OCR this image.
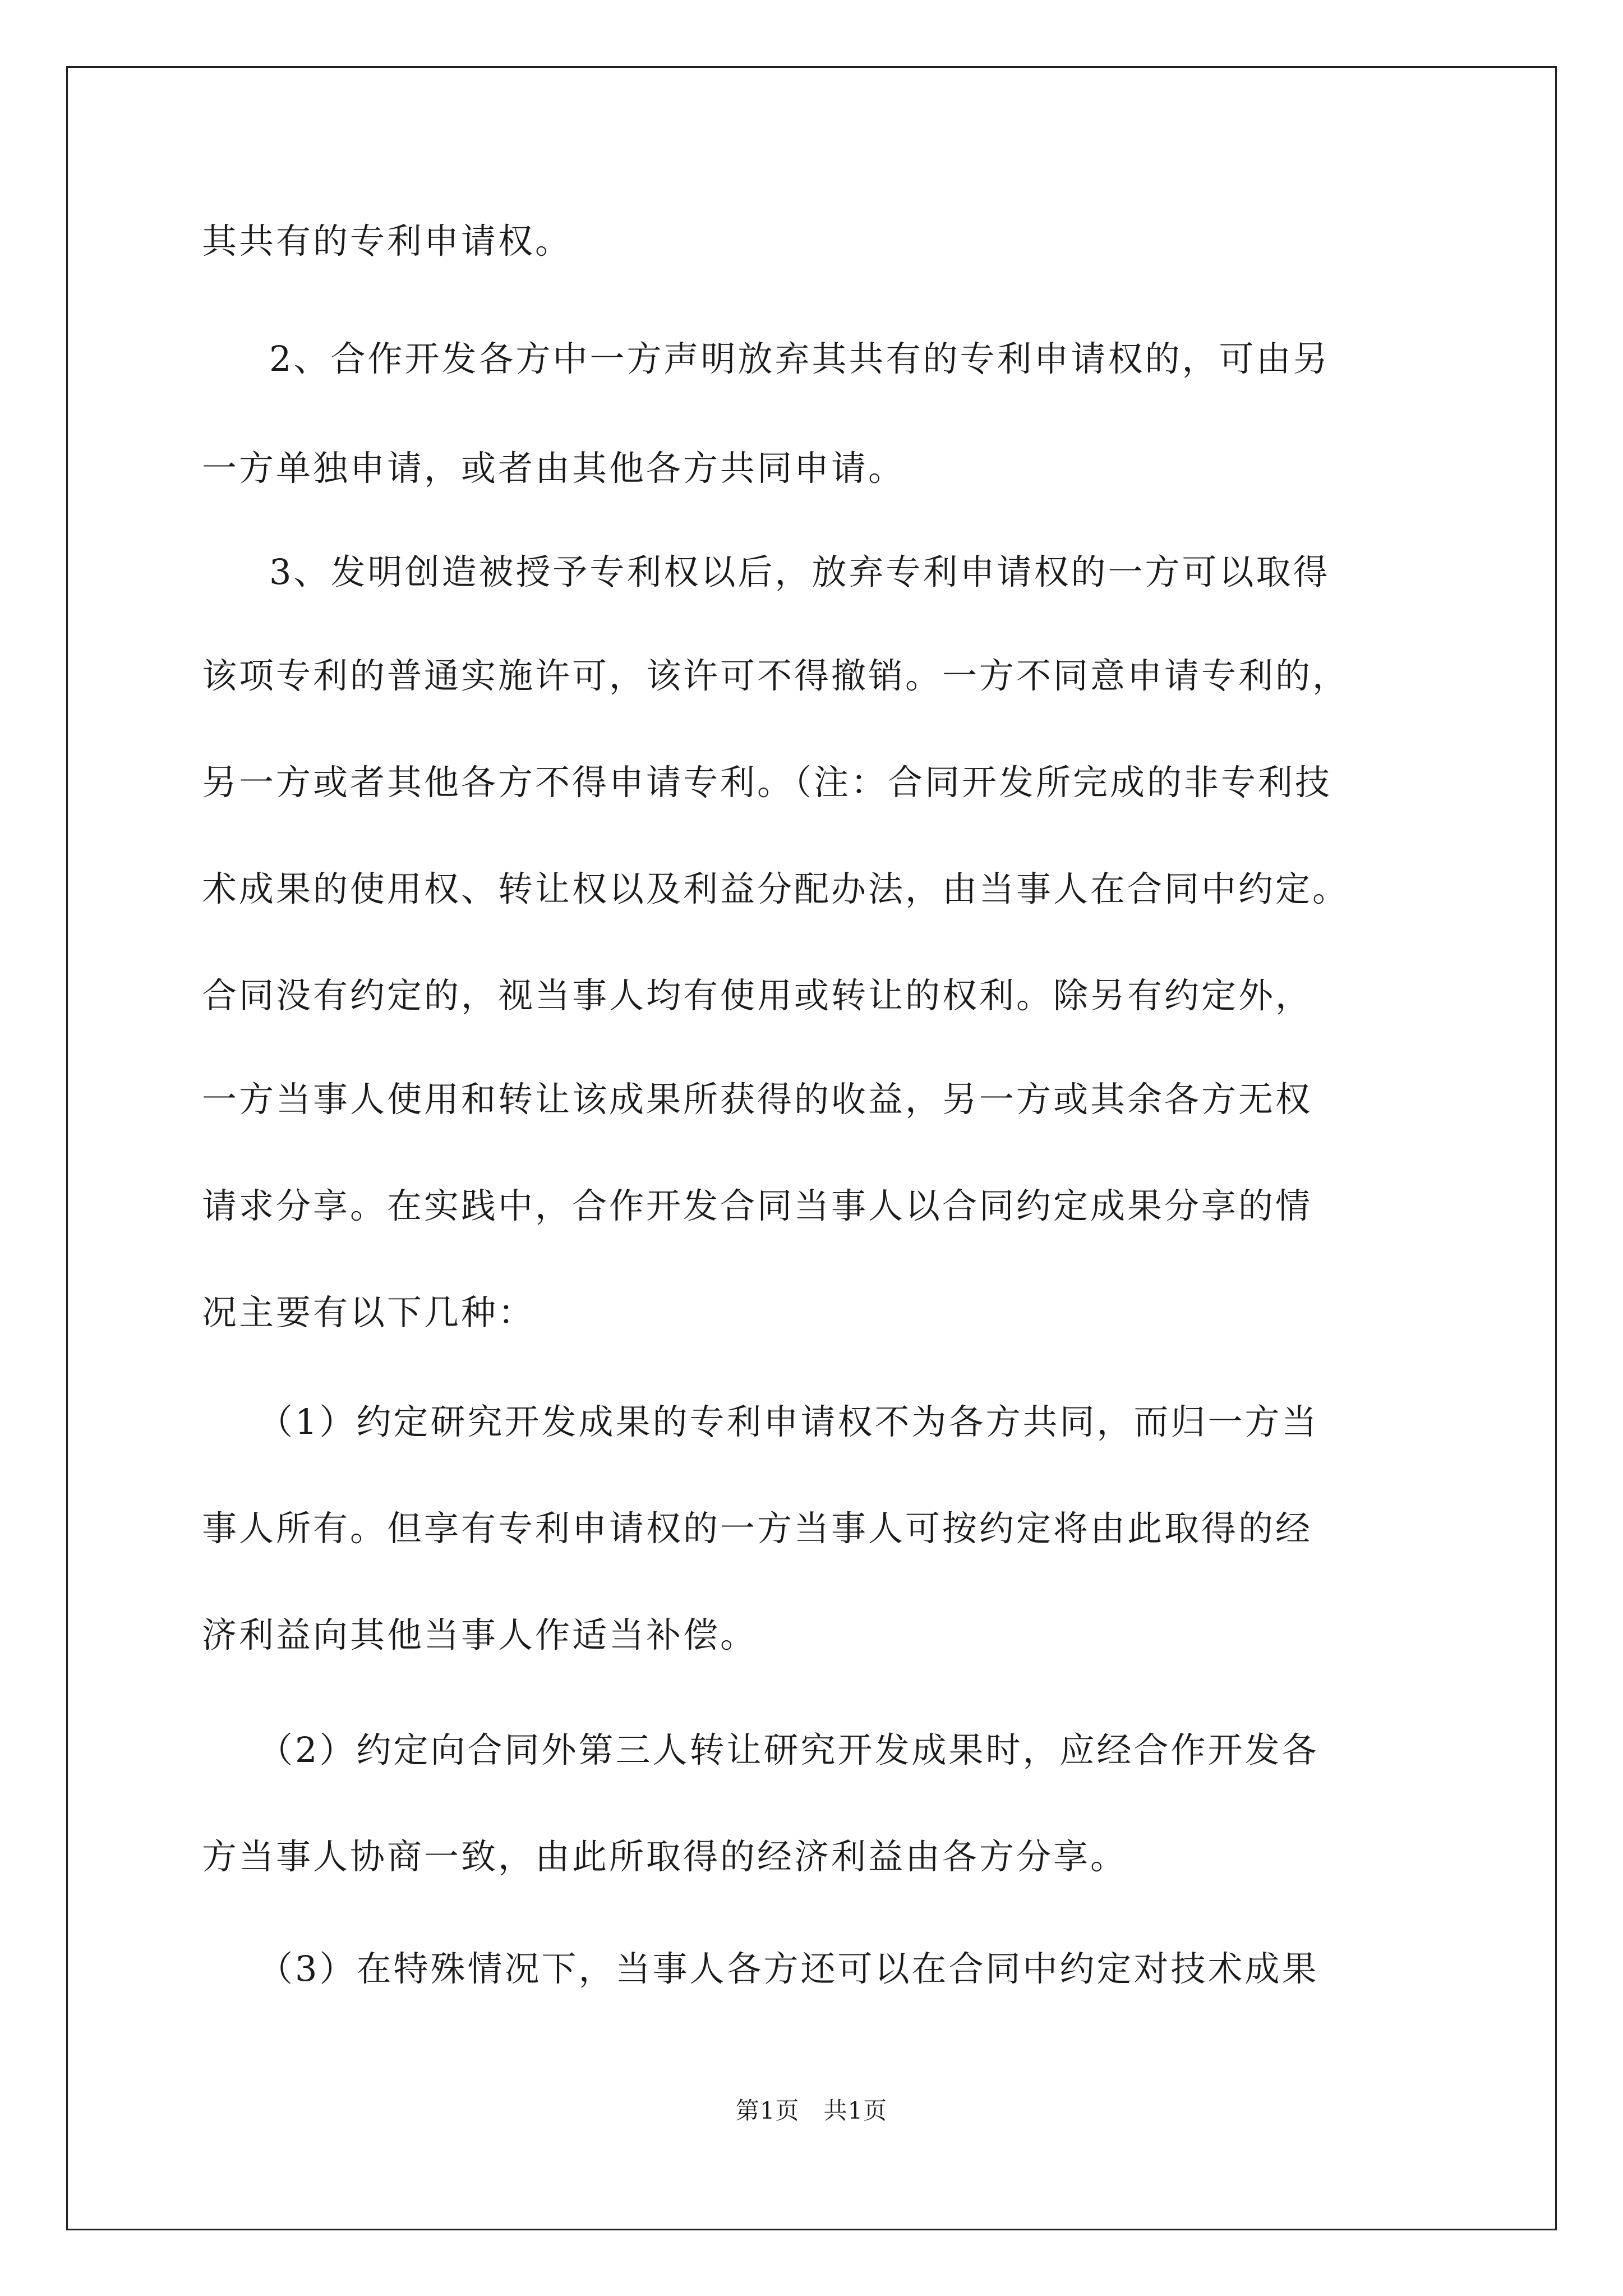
其共有的专利申请权。
2、合作开发各方中一方声明放弃其共有的专利申请权的，可由另
一方单独申请，或者由其他各方共同申请。
3、发明创造被授予专利权以后，放弃专利申请权的一方可以取得
该项专利的普通实施许可，该许可不得撤销。一方不同意申请专利的，
另一方或者其他各方不得申请专利。（注：合同开发所完成的非专利技
术成果的使用权、转让权以及利益分配办法，由当事人在合同中约定。
合同没有约定的，视当事人均有使用或转让的权利。除另有约定外，
一方当事人使用和转让该成果所获得的收益，另一方或其余各方无权
请求分享。在实践中，合作开发合同当事人以合同约定成果分享的情
况主要有以下几种：
（1）约定研究开发成果的专利申请权不为各方共同，而归一方当
事人所有。但享有专利申请权的一方当事人可按约定将由此取得的经
济利益向其他当事人作适当补偿。
（2）约定向合同外第三人转让研究开发成果时，应经合作开发各
方当事人协商一致，由此所取得的经济利益由各方分享。
（3）在特殊情况下，当事人各方还可以在合同中约定对技术成果
第1页　共1页
